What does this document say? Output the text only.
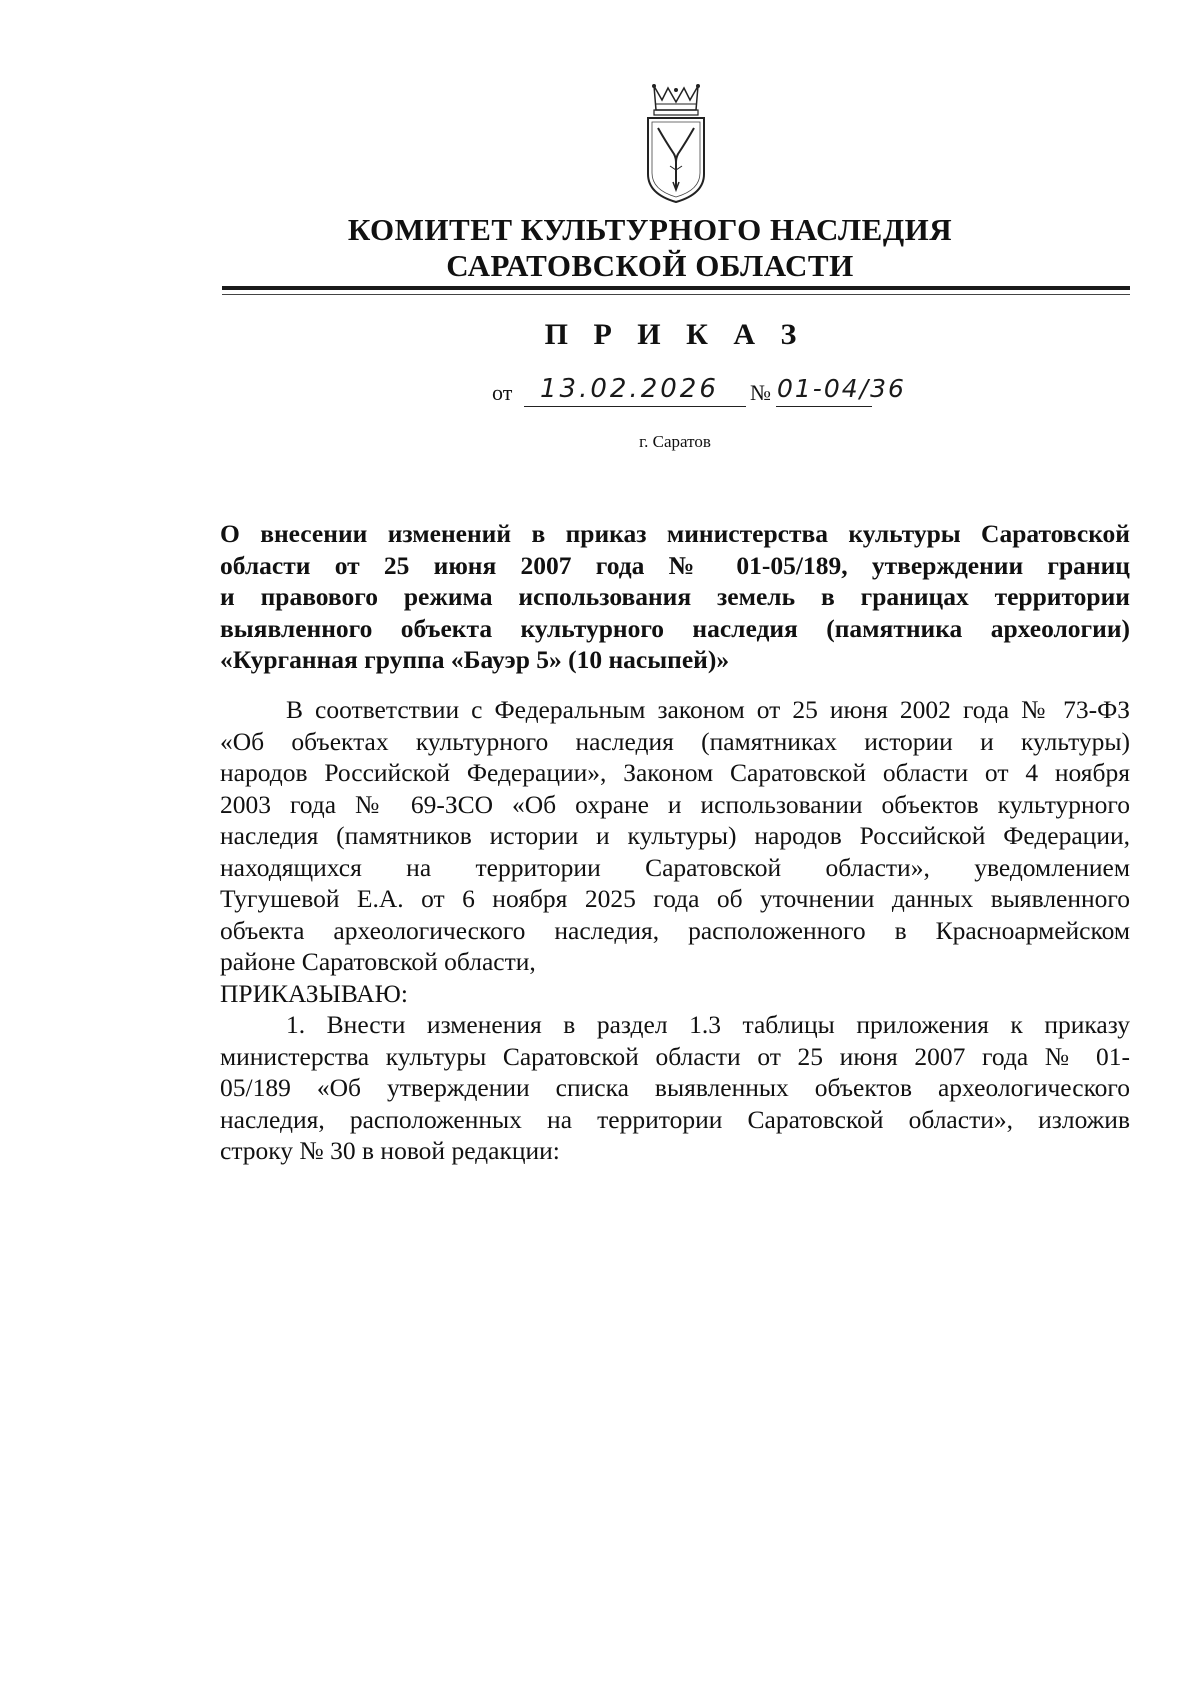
КОМИТЕТ КУЛЬТУРНОГО НАСЛЕДИЯ
САРАТОВСКОЙ ОБЛАСТИ
П Р И К А З
от 13.02.2026 № 01-04/36
г. Саратов
О внесении изменений в приказ министерства культуры Саратовской
области от 25 июня 2007 года № 01-05/189, утверждении границ
и правового режима использования земель в границах территории
выявленного объекта культурного наследия (памятника археологии)
«Курганная группа «Бауэр 5» (10 насыпей)»
В соответствии с Федеральным законом от 25 июня 2002 года № 73-ФЗ
«Об объектах культурного наследия (памятниках истории и культуры)
народов Российской Федерации», Законом Саратовской области от 4 ноября
2003 года № 69-ЗСО «Об охране и использовании объектов культурного
наследия (памятников истории и культуры) народов Российской Федерации,
находящихся на территории Саратовской области», уведомлением
Тугушевой Е.А. от 6 ноября 2025 года об уточнении данных выявленного
объекта археологического наследия, расположенного в Красноармейском
районе Саратовской области,
ПРИКАЗЫВАЮ:
1. Внести изменения в раздел 1.3 таблицы приложения к приказу
министерства культуры Саратовской области от 25 июня 2007 года № 01-
05/189 «Об утверждении списка выявленных объектов археологического
наследия, расположенных на территории Саратовской области», изложив
строку № 30 в новой редакции:
